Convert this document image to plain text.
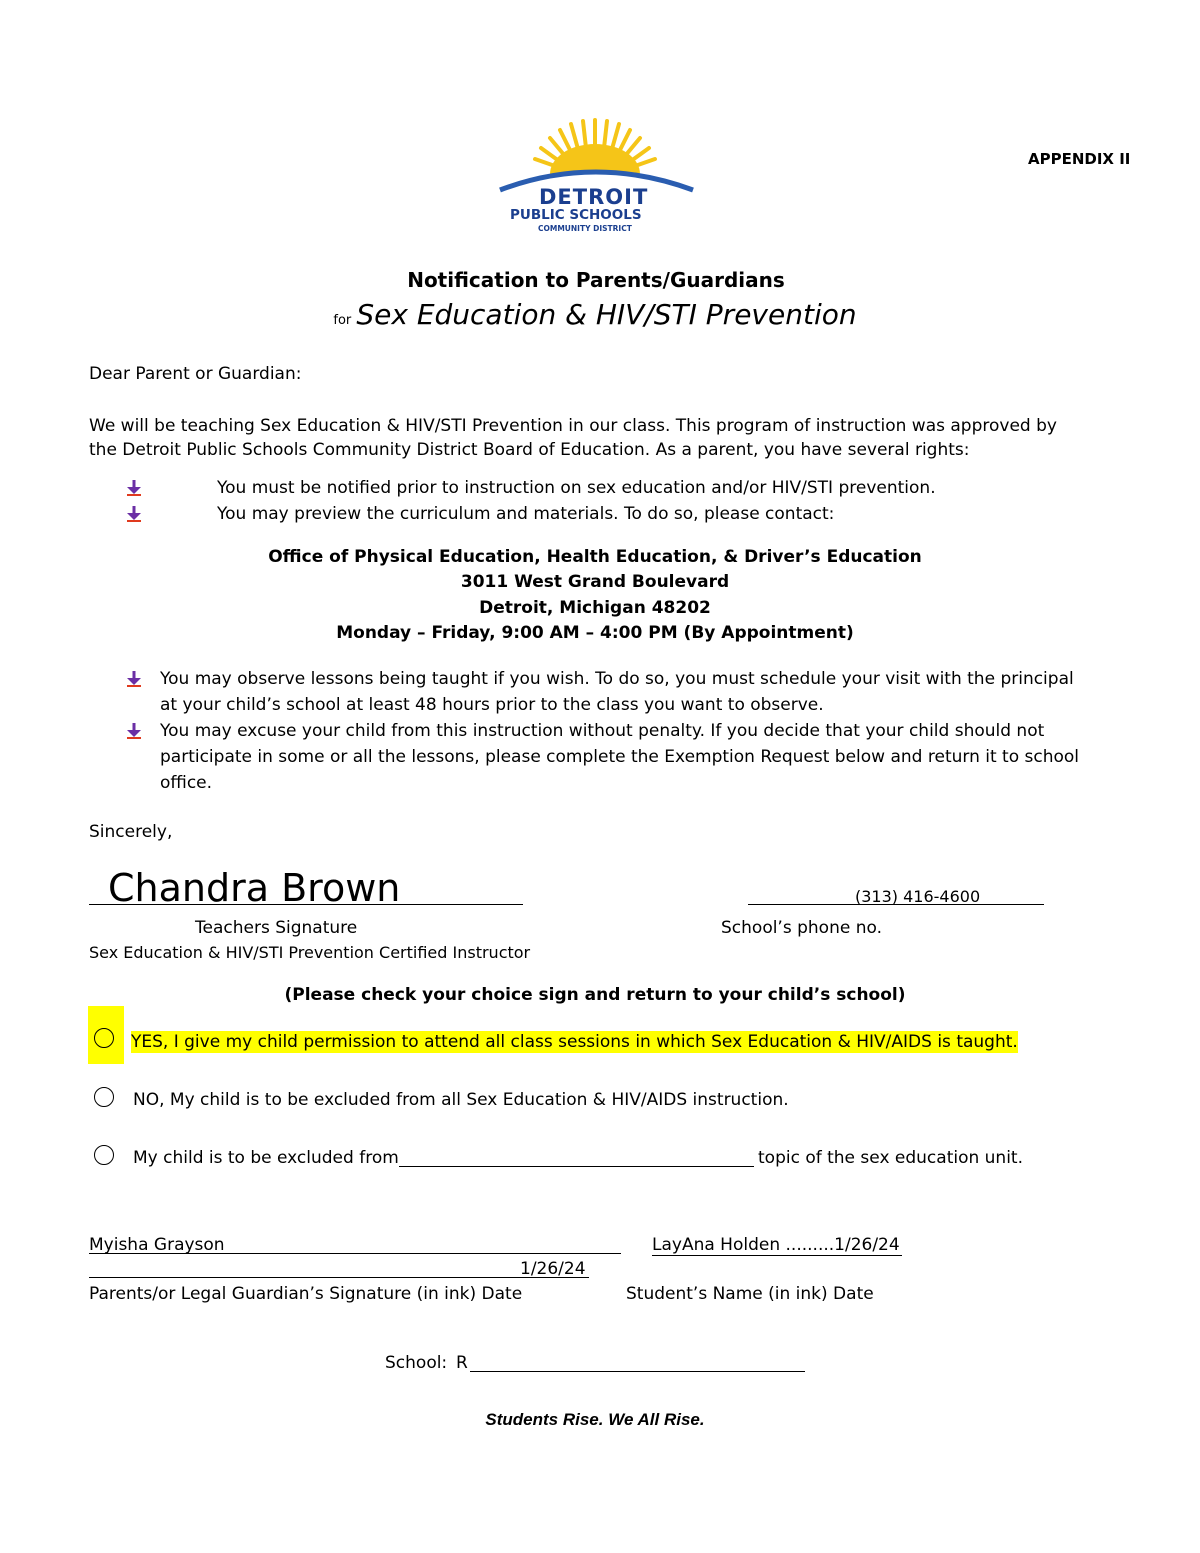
APPENDIX II
DETROIT
PUBLIC SCHOOLS
COMMUNITY DISTRICT
Notification to Parents/Guardians
for Sex Education & HIV/STI Prevention
Dear Parent or Guardian:
We will be teaching Sex Education & HIV/STI Prevention in our class. This program of instruction was approved by
the Detroit Public Schools Community District Board of Education. As a parent, you have several rights:
You must be notified prior to instruction on sex education and/or HIV/STI prevention.
You may preview the curriculum and materials. To do so, please contact:
Office of Physical Education, Health Education, & Driver’s Education
3011 West Grand Boulevard
Detroit, Michigan 48202
Monday – Friday, 9:00 AM – 4:00 PM (By Appointment)
You may observe lessons being taught if you wish. To do so, you must schedule your visit with the principal
at your child’s school at least 48 hours prior to the class you want to observe.
You may excuse your child from this instruction without penalty. If you decide that your child should not
participate in some or all the lessons, please complete the Exemption Request below and return it to school
office.
Sincerely,
Chandra Brown	(313) 416-4600
Teachers Signature	School’s phone no.
Sex Education & HIV/STI Prevention Certified Instructor
(Please check your choice sign and return to your child’s school)
YES, I give my child permission to attend all class sessions in which Sex Education & HIV/AIDS is taught.
NO, My child is to be excluded from all Sex Education & HIV/AIDS instruction.
My child is to be excluded from	topic of the sex education unit.
Myisha Grayson	LayAna Holden .........1/26/24
1/26/24
Parents/or Legal Guardian’s Signature (in ink) Date	Student’s Name (in ink) Date
School: R
Students Rise. We All Rise.
